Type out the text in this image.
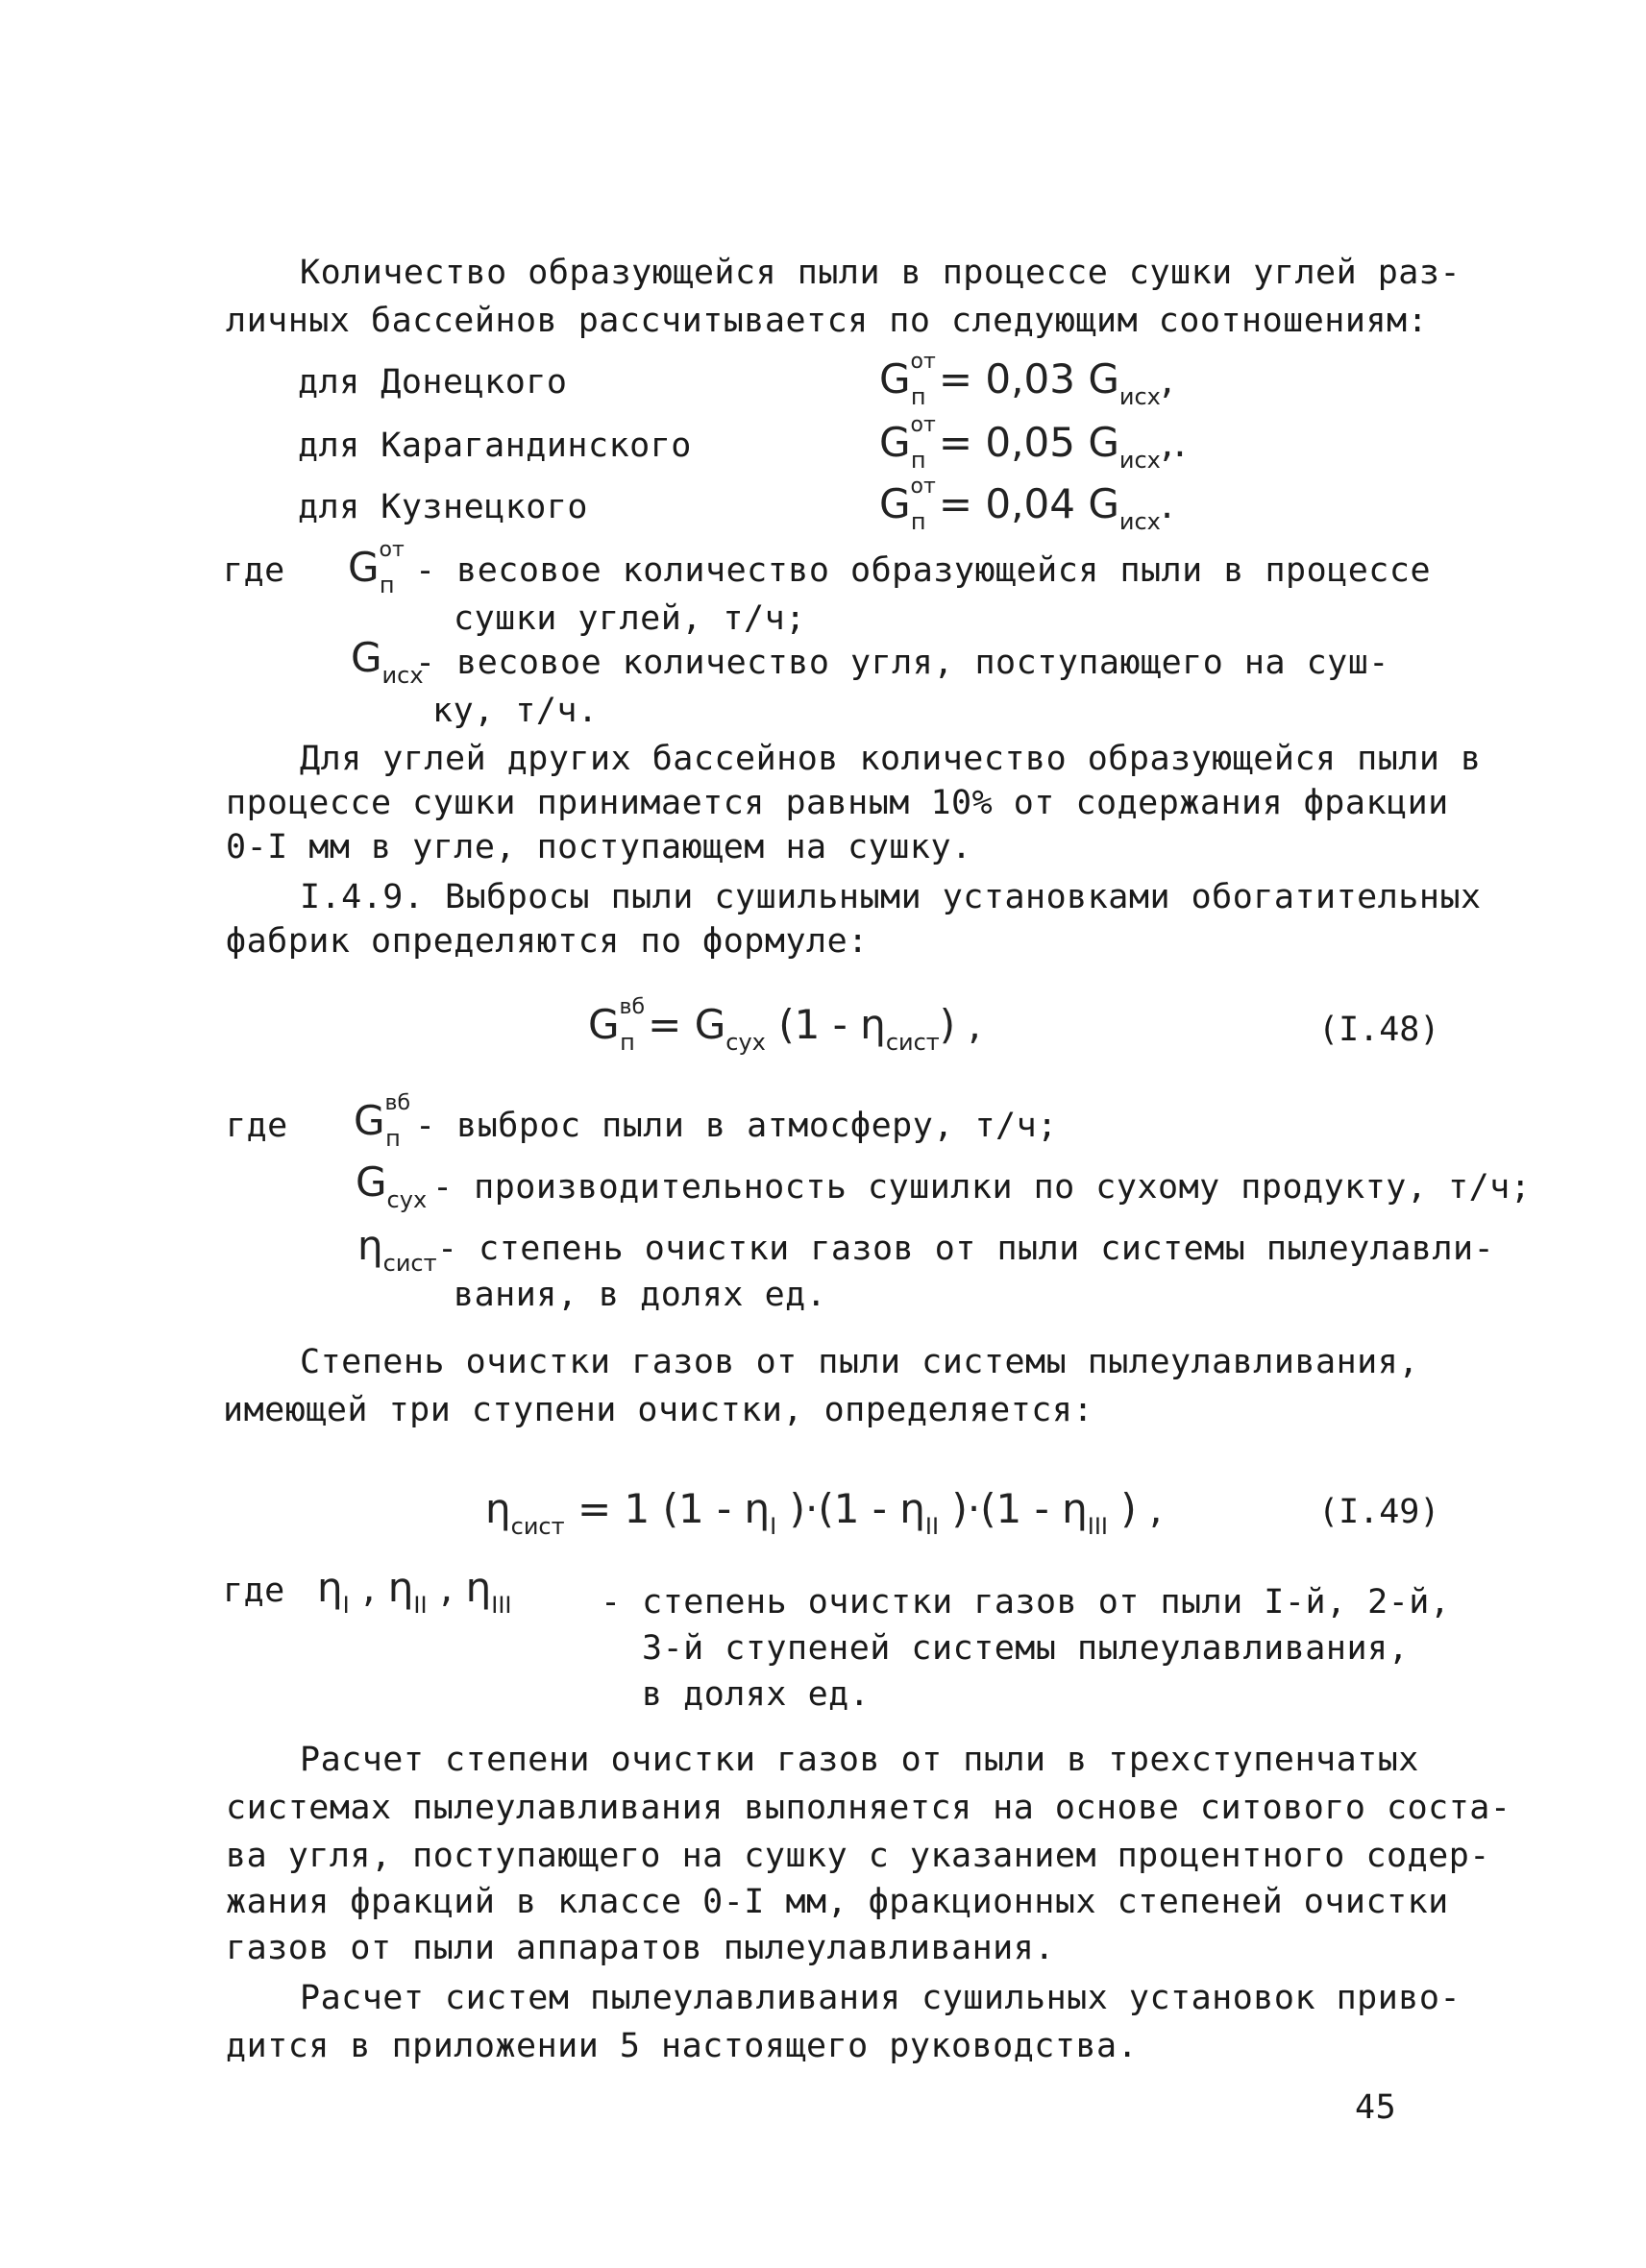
Количество образующейся пыли в процессе сушки углей раз-
личных бассейнов рассчитывается по следующим соотношениям:
для Донецкого	$G^{от}_п = 0,03$ $G_{исх}$,
для Карагандинского	$G^{от}_п = 0,05$ $G_{исх}$,.
для Кузнецкого	$G^{от}_п = 0,04$ $G_{исх}$.
где $G^{от}_п$ - весовое количество образующейся пыли в процессе
сушки углей, т/ч;
$G_{исх}$
- весовое количество угля, поступающего на суш-
ку, т/ч.
Для углей других бассейнов количество образующейся пыли в
процессе сушки принимается равным 10% от содержания фракции
0-I мм в угле, поступающем на сушку.
I.4.9. Выбросы пыли сушильными установками обогатительных
фабрик определяются по формуле:
$G^{вб}_п = G_{сух}$ $(1 - \eta_{сист})$ ,	(I.48)
где $G^{вб}_п$ - выброс пыли в атмосферу, т/ч;
$G_{сух}$ - производительность сушилки по сухому продукту, т/ч;
$\eta_{сист}$ - степень очистки газов от пыли системы пылеулавли-
вания, в долях ед.
Степень очистки газов от пыли системы пылеулавливания,
имеющей три ступени очистки, определяется:
$\eta_{сист} = 1$ ($1 - \eta_I$ )$\cdot(1 - \eta_{II}$ )$\cdot(1 - \eta_{III}$ ) ,	(I.49)
где $\eta_I$ , $\eta_{II}$ , $\eta_{III}$	- степень очистки газов от пыли I-й, 2-й,
3-й ступеней системы пылеулавливания,
в долях ед.
Расчет степени очистки газов от пыли в трехступенчатых
системах пылеулавливания выполняется на основе ситового соста-
ва угля, поступающего на сушку с указанием процентного содер-
жания фракций в классе 0-I мм, фракционных степеней очистки
газов от пыли аппаратов пылеулавливания.
Расчет систем пылеулавливания сушильных установок приво-
дится в приложении 5 настоящего руководства.
45
